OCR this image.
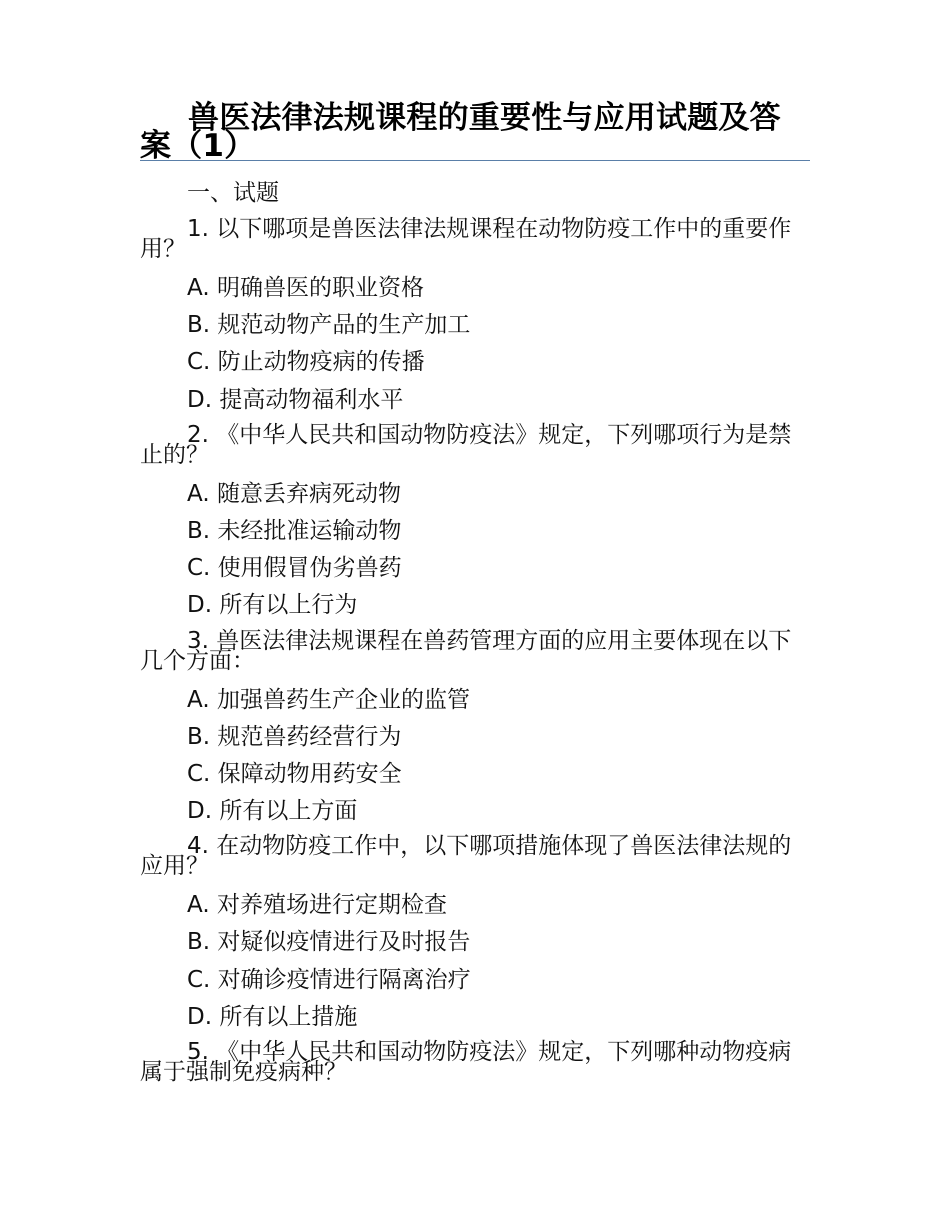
兽医法律法规课程的重要性与应用试题及答案（1）

一、试题

1. 以下哪项是兽医法律法规课程在动物防疫工作中的重要作用？

A. 明确兽医的职业资格

B. 规范动物产品的生产加工

C. 防止动物疫病的传播

D. 提高动物福利水平

2. 《中华人民共和国动物防疫法》规定，下列哪项行为是禁止的？

A. 随意丢弃病死动物

B. 未经批准运输动物

C. 使用假冒伪劣兽药

D. 所有以上行为

3. 兽医法律法规课程在兽药管理方面的应用主要体现在以下几个方面：

A. 加强兽药生产企业的监管

B. 规范兽药经营行为

C. 保障动物用药安全

D. 所有以上方面

4. 在动物防疫工作中，以下哪项措施体现了兽医法律法规的应用？

A. 对养殖场进行定期检查

B. 对疑似疫情进行及时报告

C. 对确诊疫情进行隔离治疗

D. 所有以上措施

5. 《中华人民共和国动物防疫法》规定，下列哪种动物疫病属于强制免疫病种？
